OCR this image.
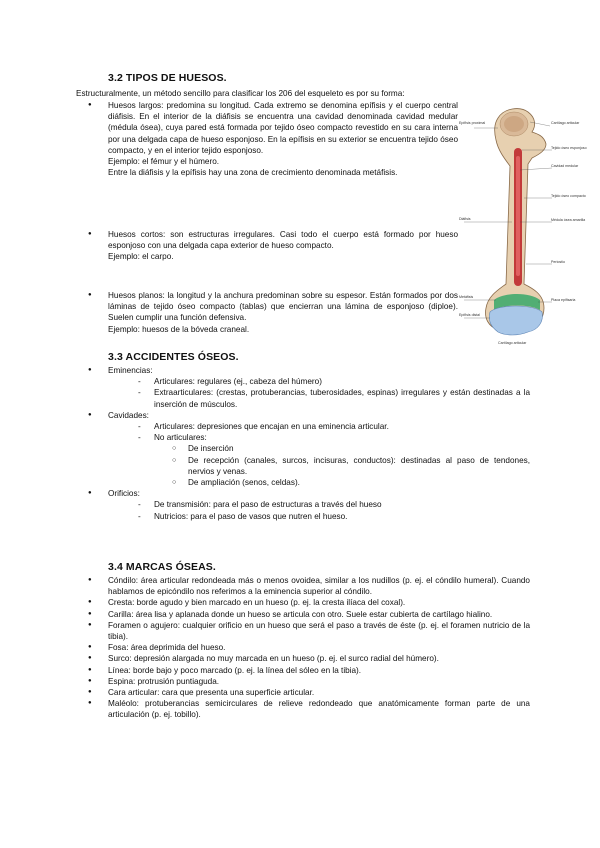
3.2 TIPOS DE HUESOS.

Estructuralmente, un método sencillo para clasificar los 206 del esqueleto es por su forma:

● Huesos largos: predomina su longitud. Cada extremo se denomina epífisis y el cuerpo central diáfisis. En el interior de la diáfisis se encuentra una cavidad denominada cavidad medular (médula ósea), cuya pared está formada por tejido óseo compacto revestido en su cara interna por una delgada capa de hueso esponjoso. En la epífisis en su exterior se encuentra tejido óseo compacto, y en el interior tejido esponjoso.

Ejemplo: el fémur y el húmero.

Entre la diáfisis y la epífisis hay una zona de crecimiento denominada metáfisis.

● Huesos cortos: son estructuras irregulares. Casi todo el cuerpo está formado por hueso esponjoso con una delgada capa exterior de hueso compacto.

Ejemplo: el carpo.

● Huesos planos: la longitud y la anchura predominan sobre su espesor. Están formados por dos láminas de tejido óseo compacto (tablas) que encierran una lámina de esponjoso (diploe). Suelen cumplir una función defensiva.

Ejemplo: huesos de la bóveda craneal.

Epífisis proximal	Cartílago articular
Tejido óseo esponjoso
Cavidad medular
Tejido óseo compacto
Diáfisis	Médula ósea amarilla
Periostio
Metáfisis
Placa epifisaria
Epífisis distal
Cartílago articular
3.3 ACCIDENTES ÓSEOS.
● Eminencias:
- Articulares: regulares (ej., cabeza del húmero)
- Extraarticulares: (crestas, protuberancias, tuberosidades, espinas) irregulares y están destinadas a la inserción de músculos.
● Cavidades:
- Articulares: depresiones que encajan en una eminencia articular.
- No articulares:
○ De inserción
○ De recepción (canales, surcos, incisuras, conductos): destinadas al paso de tendones, nervios y venas.
○ De ampliación (senos, celdas).
● Orificios:
- De transmisión: para el paso de estructuras a través del hueso
- Nutricios: para el paso de vasos que nutren el hueso.
3.4 MARCAS ÓSEAS.
● Cóndilo: área articular redondeada más o menos ovoidea, similar a los nudillos (p. ej. el cóndilo humeral). Cuando hablamos de epicóndilo nos referimos a la eminencia superior al cóndilo.
● Cresta: borde agudo y bien marcado en un hueso (p. ej. la cresta ilíaca del coxal).
● Carilla: área lisa y aplanada donde un hueso se articula con otro. Suele estar cubierta de cartílago hialino.
● Foramen o agujero: cualquier orificio en un hueso que será el paso a través de éste (p. ej. el foramen nutricio de la tibia).
● Fosa: área deprimida del hueso.
● Surco: depresión alargada no muy marcada en un hueso (p. ej. el surco radial del húmero).
● Línea: borde bajo y poco marcado (p. ej. la línea del sóleo en la tibia).
● Espina: protrusión puntiaguda.
● Cara articular: cara que presenta una superficie articular.
● Maléolo: protuberancias semicirculares de relieve redondeado que anatómicamente forman parte de una articulación (p. ej. tobillo).
